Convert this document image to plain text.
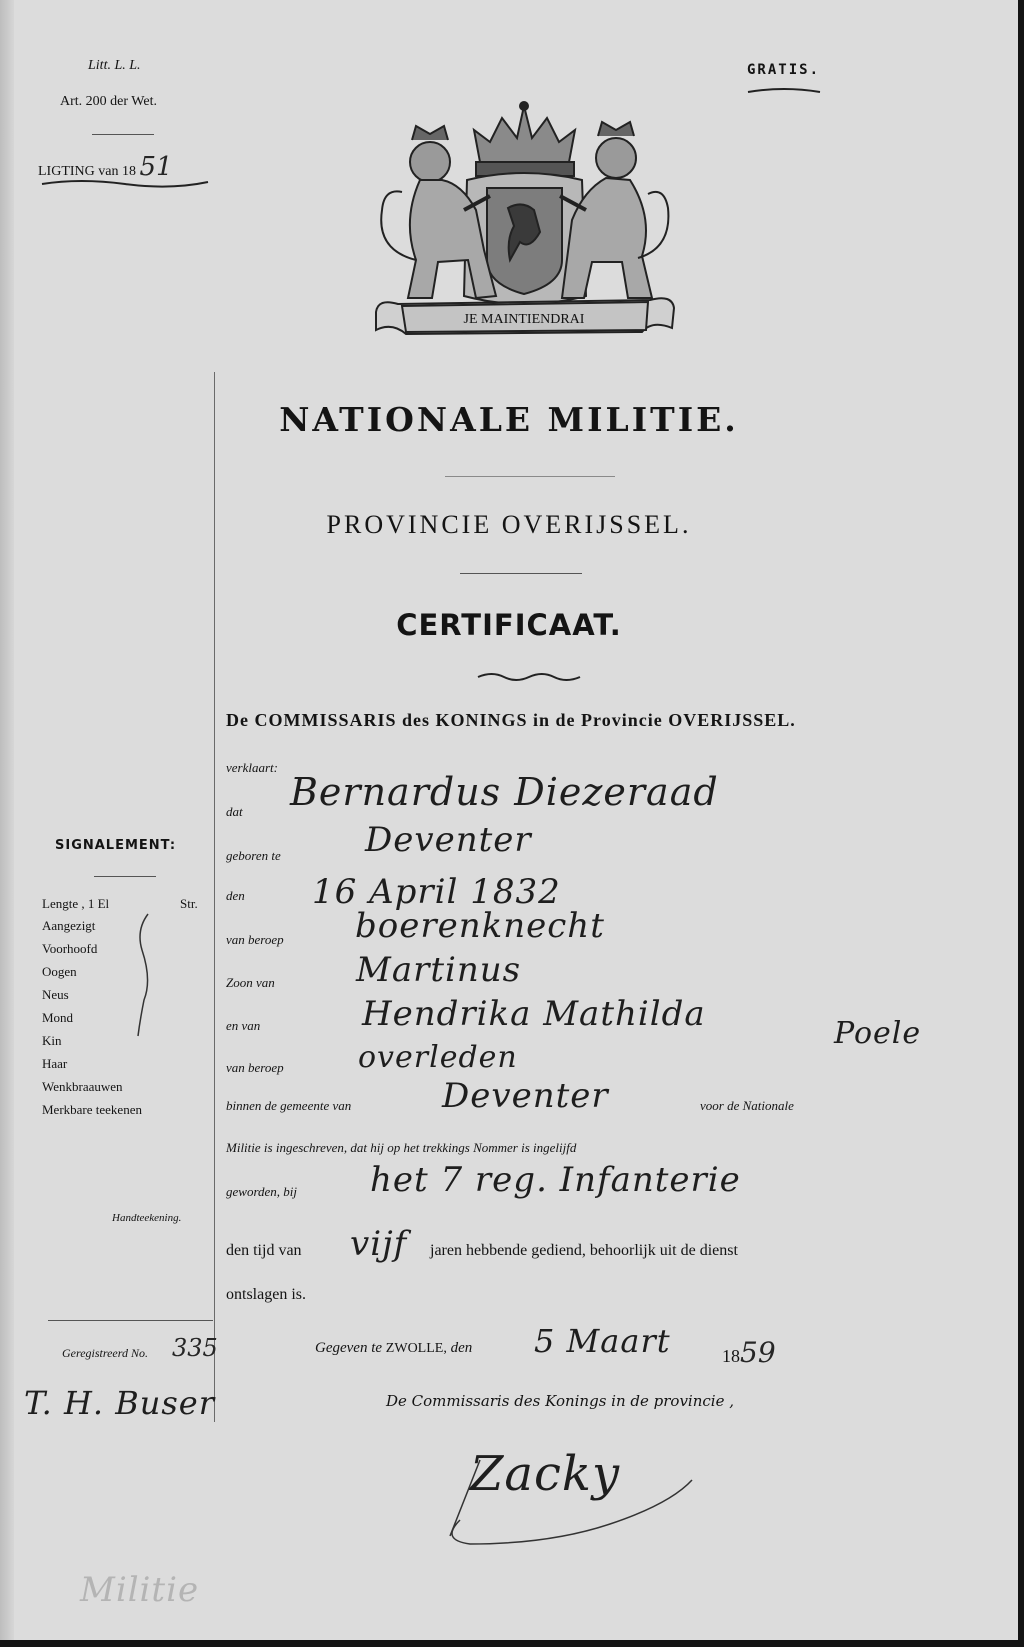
Litt. L. L.
Art. 200 der Wet.
LIGTING van 18 51
GRATIS.
JE MAINTIENDRAI
NATIONALE MILITIE.
PROVINCIE OVERIJSSEL.
CERTIFICAAT.
De COMMISSARIS des KONINGS in de Provincie OVERIJSSEL.
verklaart:
dat Bernardus Diezeraad
geboren te Deventer
den 16 April 1832
van beroep boerenknecht
Zoon van Martinus
en van	Hendrika Mathilda	Poele
van beroep overleden
binnen de gemeente van	Deventer	voor de Nationale
Militie is ingeschreven, dat hij op het trekkings Nommer is ingelijfd
geworden, bij het 7 reg. Infanterie
den tijd van vijf jaren hebbende gediend, behoorlijk uit de dienst
ontslagen is.
Gegeven te ZWOLLE, den 5 Maart	1859
De Commissaris des Konings in de provincie ,
Zacky
SIGNALEMENT:
Lengte , 1 El	Str.
Aangezigt
Voorhoofd
Oogen
Neus
Mond
Kin
Haar
Wenkbraauwen
Merkbare teekenen
Handteekening.
Geregistreerd No. 335
T. H. Buser
Militie
